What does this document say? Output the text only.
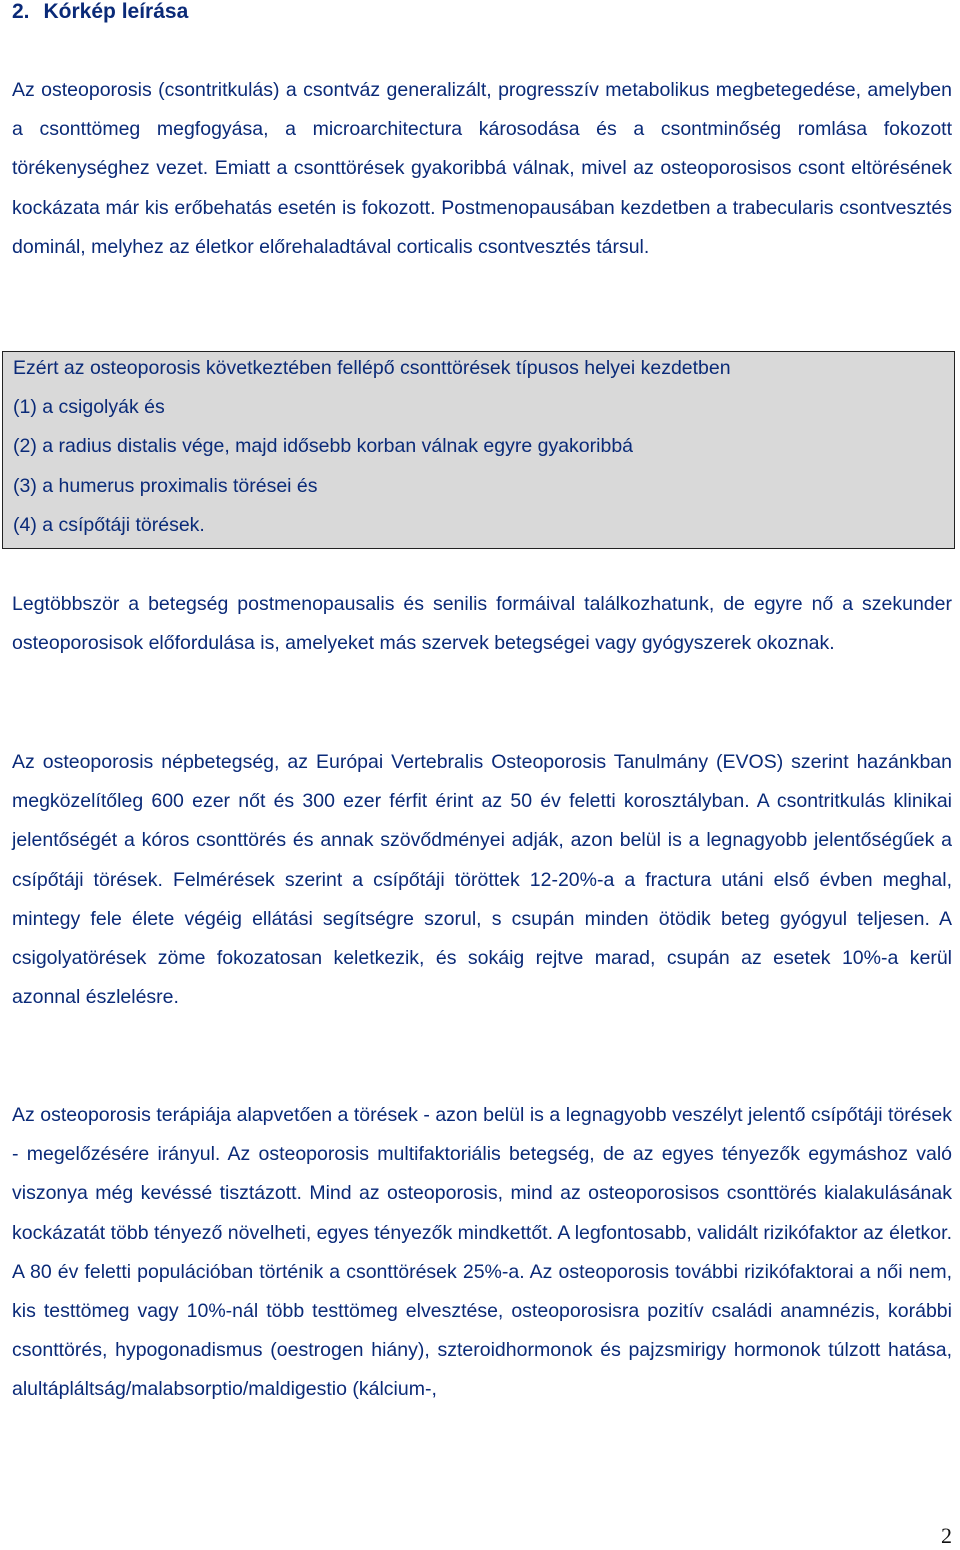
2. Kórkép leírása

Az osteoporosis (csontritkulás) a csontváz generalizált, progresszív metabolikus megbetegedése, amelyben a csonttömeg megfogyása, a microarchitectura károsodása és a csontminőség romlása fokozott törékenységhez vezet. Emiatt a csonttörések gyakoribbá válnak, mivel az osteoporosisos csont eltörésének kockázata már kis erőbehatás esetén is fokozott. Postmenopausában kezdetben a trabecularis csontvesztés dominál, melyhez az életkor előrehaladtával corticalis csontvesztés társul.

Ezért az osteoporosis következtében fellépő csonttörések típusos helyei kezdetben

(1) a csigolyák és

(2) a radius distalis vége, majd idősebb korban válnak egyre gyakoribbá

(3) a humerus proximalis törései és

(4) a csípőtáji törések.

Legtöbbször a betegség postmenopausalis és senilis formáival találkozhatunk, de egyre nő a szekunder osteoporosisok előfordulása is, amelyeket más szervek betegségei vagy gyógyszerek okoznak.

Az osteoporosis népbetegség, az Európai Vertebralis Osteoporosis Tanulmány (EVOS) szerint hazánkban megközelítőleg 600 ezer nőt és 300 ezer férfit érint az 50 év feletti korosztályban. A csontritkulás klinikai jelentőségét a kóros csonttörés és annak szövődményei adják, azon belül is a legnagyobb jelentőségűek a csípőtáji törések. Felmérések szerint a csípőtáji töröttek 12-20%-a a fractura utáni első évben meghal, mintegy fele élete végéig ellátási segítségre szorul, s csupán minden ötödik beteg gyógyul teljesen. A csigolyatörések zöme fokozatosan keletkezik, és sokáig rejtve marad, csupán az esetek 10%-a kerül azonnal észlelésre.

Az osteoporosis terápiája alapvetően a törések - azon belül is a legnagyobb veszélyt jelentő csípőtáji törések - megelőzésére irányul. Az osteoporosis multifaktoriális betegség, de az egyes tényezők egymáshoz való viszonya még kevéssé tisztázott. Mind az osteoporosis, mind az osteoporosisos csonttörés kialakulásának kockázatát több tényező növelheti, egyes tényezők mindkettőt. A legfontosabb, validált rizikófaktor az életkor. A 80 év feletti populációban történik a csonttörések 25%-a. Az osteoporosis további rizikófaktorai a női nem, kis testtömeg vagy 10%-nál több testtömeg elvesztése, osteoporosisra pozitív családi anamnézis, korábbi csonttörés, hypogonadismus (oestrogen hiány), szteroidhormonok és pajzsmirigy hormonok túlzott hatása, alultápláltság/malabsorptio/maldigestio (kálcium-,

2
